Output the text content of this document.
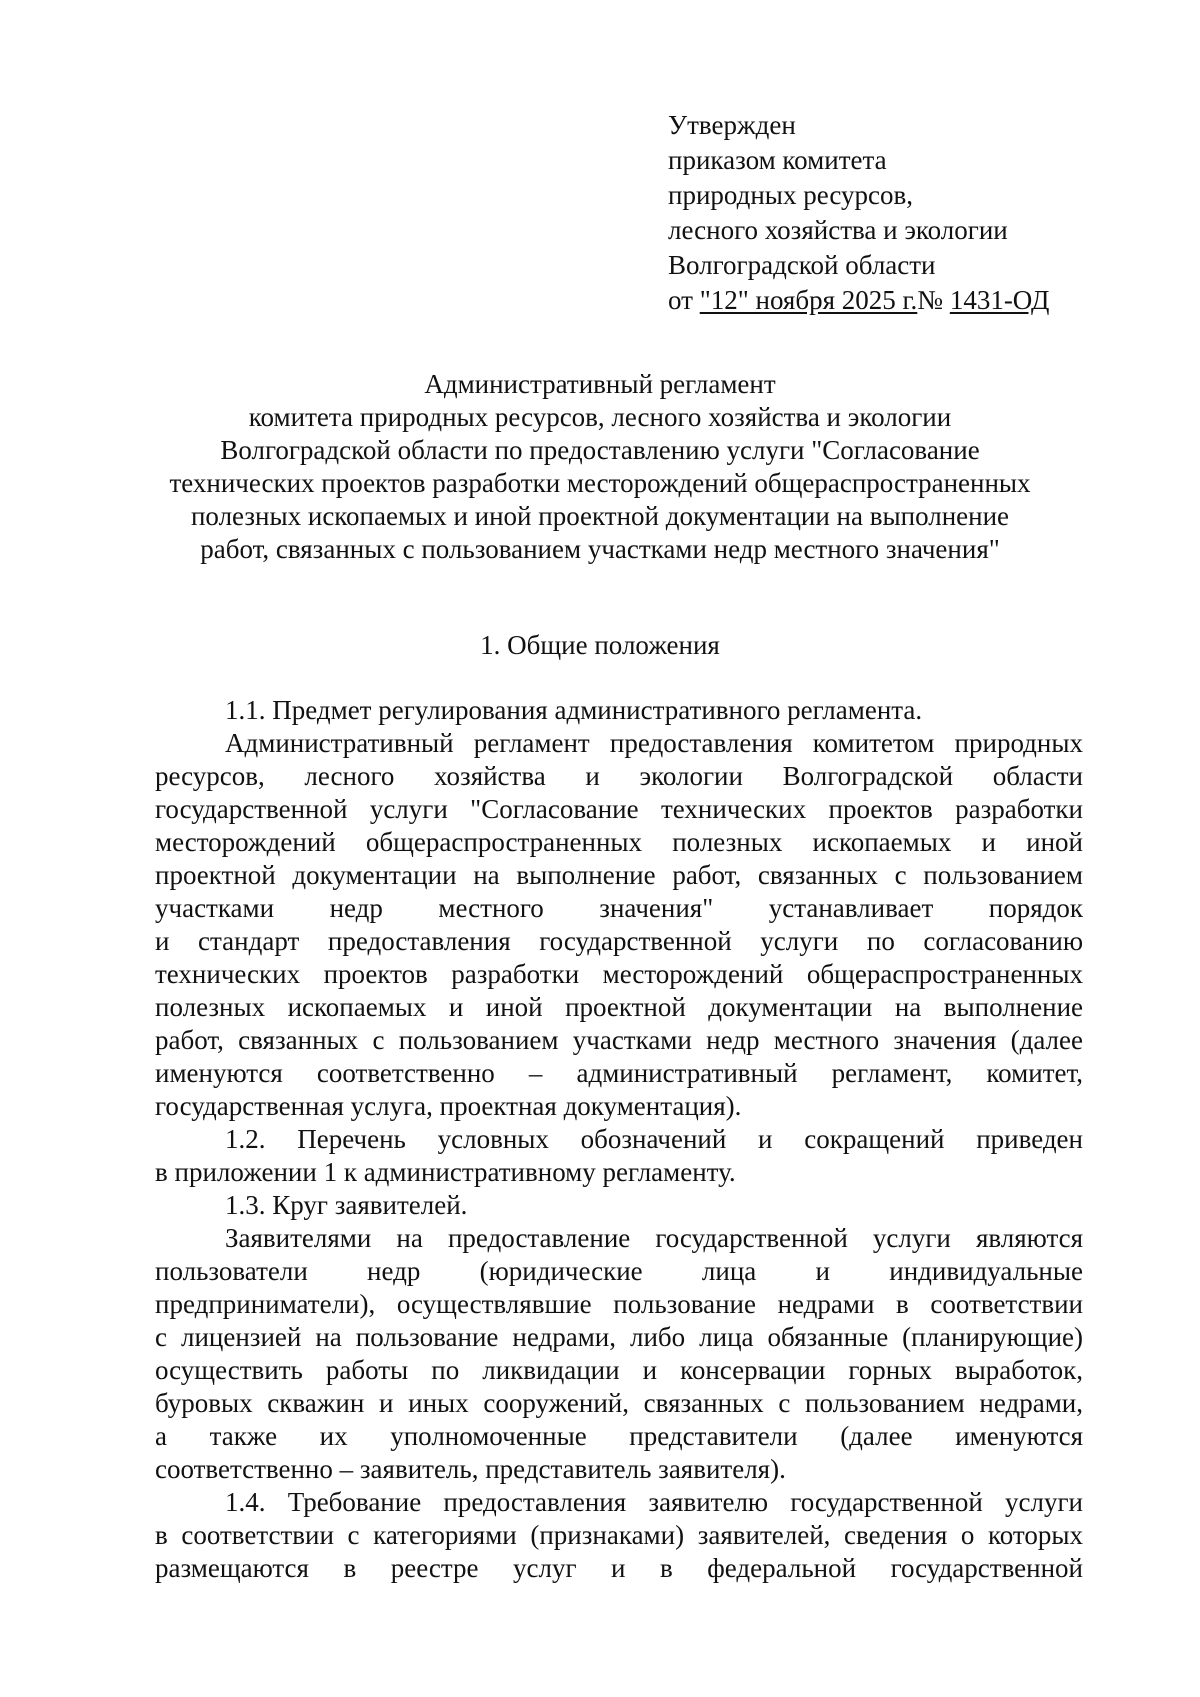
Утвержден
приказом комитета
природных ресурсов,
лесного хозяйства и экологии
Волгоградской области
от "12" ноября 2025 г.№ 1431-ОД
Административный регламент
комитета природных ресурсов, лесного хозяйства и экологии
Волгоградской области по предоставлению услуги "Согласование
технических проектов разработки месторождений общераспространенных
полезных ископаемых и иной проектной документации на выполнение
работ, связанных с пользованием участками недр местного значения"
1. Общие положения
1.1. Предмет регулирования административного регламента.
Административный регламент предоставления комитетом природных
ресурсов, лесного хозяйства и экологии Волгоградской области
государственной услуги "Согласование технических проектов разработки
месторождений общераспространенных полезных ископаемых и иной
проектной документации на выполнение работ, связанных с пользованием
участками недр местного значения" устанавливает порядок
и стандарт предоставления государственной услуги по согласованию
технических проектов разработки месторождений общераспространенных
полезных ископаемых и иной проектной документации на выполнение
работ, связанных с пользованием участками недр местного значения (далее
именуются соответственно – административный регламент, комитет,
государственная услуга, проектная документация).
1.2. Перечень условных обозначений и сокращений приведен
в приложении 1 к административному регламенту.
1.3. Круг заявителей.
Заявителями на предоставление государственной услуги являются
пользователи недр (юридические лица и индивидуальные
предприниматели), осуществлявшие пользование недрами в соответствии
с лицензией на пользование недрами, либо лица обязанные (планирующие)
осуществить работы по ликвидации и консервации горных выработок,
буровых скважин и иных сооружений, связанных с пользованием недрами,
а также их уполномоченные представители (далее именуются
соответственно – заявитель, представитель заявителя).
1.4. Требование предоставления заявителю государственной услуги
в соответствии с категориями (признаками) заявителей, сведения о которых
размещаются в реестре услуг и в федеральной государственной
